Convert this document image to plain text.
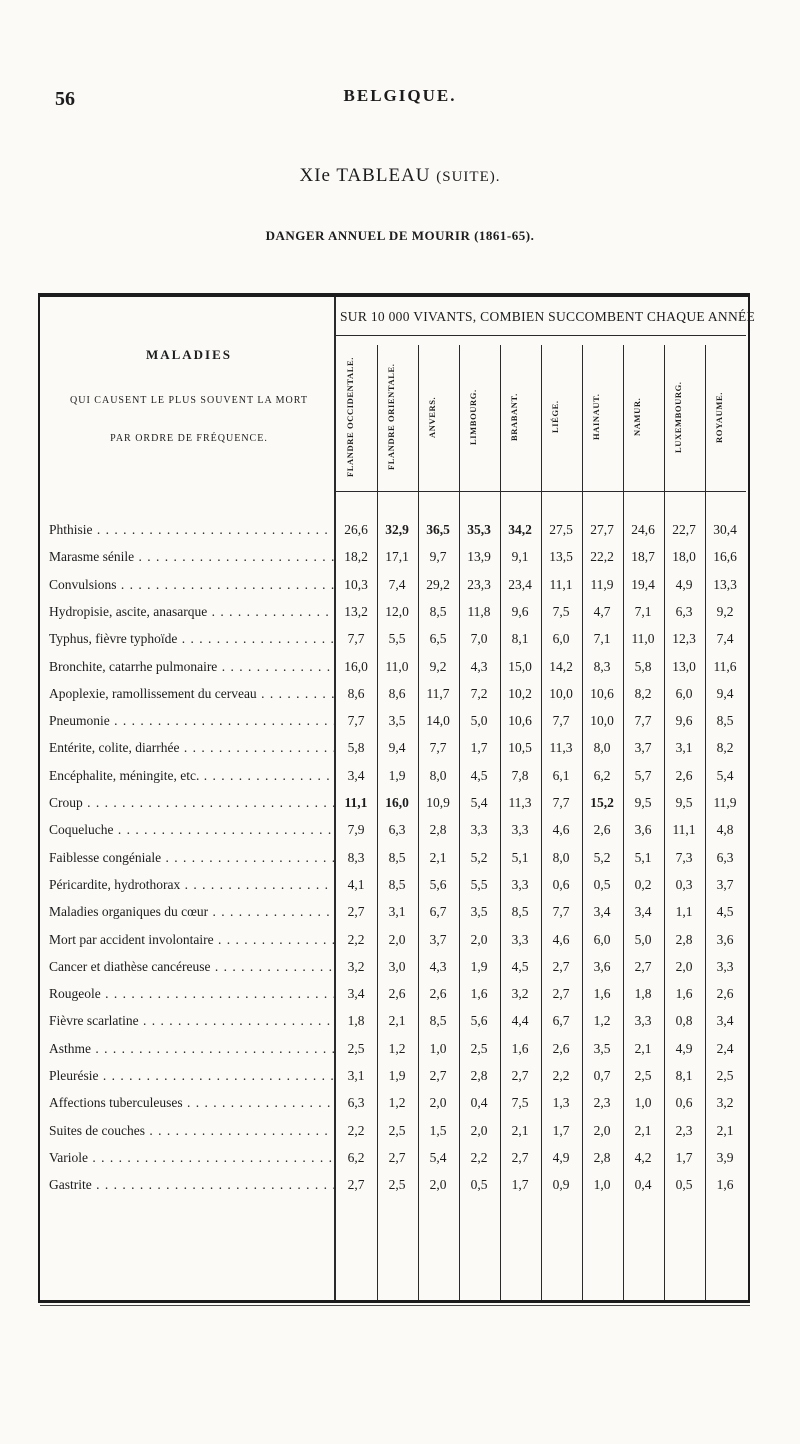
56	BELGIQUE.
XIe TABLEAU (SUITE).
DANGER ANNUEL DE MOURIR (1861-65).
MALADIES
QUI CAUSENT LE PLUS SOUVENT LA MORT
PAR ORDRE DE FRÉQUENCE.
SUR 10 000 VIVANTS, COMBIEN SUCCOMBENT CHAQUE ANNÉE
FLANDRE OCCIDENTALE.	FLANDRE ORIENTALE.	ANVERS.	LIMBOURG.	BRABANT.	LIÉGE.	HAINAUT.	NAMUR.	LUXEMBOURG.	ROYAUME.
Phthisie . . .	26,6	32,9	36,5	35,3	34,2	27,5	27,7	24,6	22,7	30,4
Marasme sénile . . .	18,2	17,1	9,7	13,9	9,1	13,5	22,2	18,7	18,0	16,6
Convulsions . . .	10,3	7,4	29,2	23,3	23,4	11,1	11,9	19,4	4,9	13,3
Hydropisie, ascite, anasarque . . .	13,2	12,0	8,5	11,8	9,6	7,5	4,7	7,1	6,3	9,2
Typhus, fièvre typhoïde . . .	7,7	5,5	6,5	7,0	8,1	6,0	7,1	11,0	12,3	7,4
Bronchite, catarrhe pulmonaire . . .	16,0	11,0	9,2	4,3	15,0	14,2	8,3	5,8	13,0	11,6
Apoplexie, ramollissement du cerveau . . .	8,6	8,6	11,7	7,2	10,2	10,0	10,6	8,2	6,0	9,4
Pneumonie . . .	7,7	3,5	14,0	5,0	10,6	7,7	10,0	7,7	9,6	8,5
Entérite, colite, diarrhée . . .	5,8	9,4	7,7	1,7	10,5	11,3	8,0	3,7	3,1	8,2
Encéphalite, méningite, etc. . . .	3,4	1,9	8,0	4,5	7,8	6,1	6,2	5,7	2,6	5,4
Croup . . .	11,1	16,0	10,9	5,4	11,3	7,7	15,2	9,5	9,5	11,9
Coqueluche . . .	7,9	6,3	2,8	3,3	3,3	4,6	2,6	3,6	11,1	4,8
Faiblesse congéniale . . .	8,3	8,5	2,1	5,2	5,1	8,0	5,2	5,1	7,3	6,3
Péricardite, hydrothorax . . .	4,1	8,5	5,6	5,5	3,3	0,6	0,5	0,2	0,3	3,7
Maladies organiques du cœur . . .	2,7	3,1	6,7	3,5	8,5	7,7	3,4	3,4	1,1	4,5
Mort par accident involontaire . . .	2,2	2,0	3,7	2,0	3,3	4,6	6,0	5,0	2,8	3,6
Cancer et diathèse cancéreuse . . .	3,2	3,0	4,3	1,9	4,5	2,7	3,6	2,7	2,0	3,3
Rougeole . . .	3,4	2,6	2,6	1,6	3,2	2,7	1,6	1,8	1,6	2,6
Fièvre scarlatine . . .	1,8	2,1	8,5	5,6	4,4	6,7	1,2	3,3	0,8	3,4
Asthme . . .	2,5	1,2	1,0	2,5	1,6	2,6	3,5	2,1	4,9	2,4
Pleurésie . . .	3,1	1,9	2,7	2,8	2,7	2,2	0,7	2,5	8,1	2,5
Affections tuberculeuses . . .	6,3	1,2	2,0	0,4	7,5	1,3	2,3	1,0	0,6	3,2
Suites de couches . . .	2,2	2,5	1,5	2,0	2,1	1,7	2,0	2,1	2,3	2,1
Variole . . .	6,2	2,7	5,4	2,2	2,7	4,9	2,8	4,2	1,7	3,9
Gastrite . . .	2,7	2,5	2,0	0,5	1,7	0,9	1,0	0,4	0,5	1,6
